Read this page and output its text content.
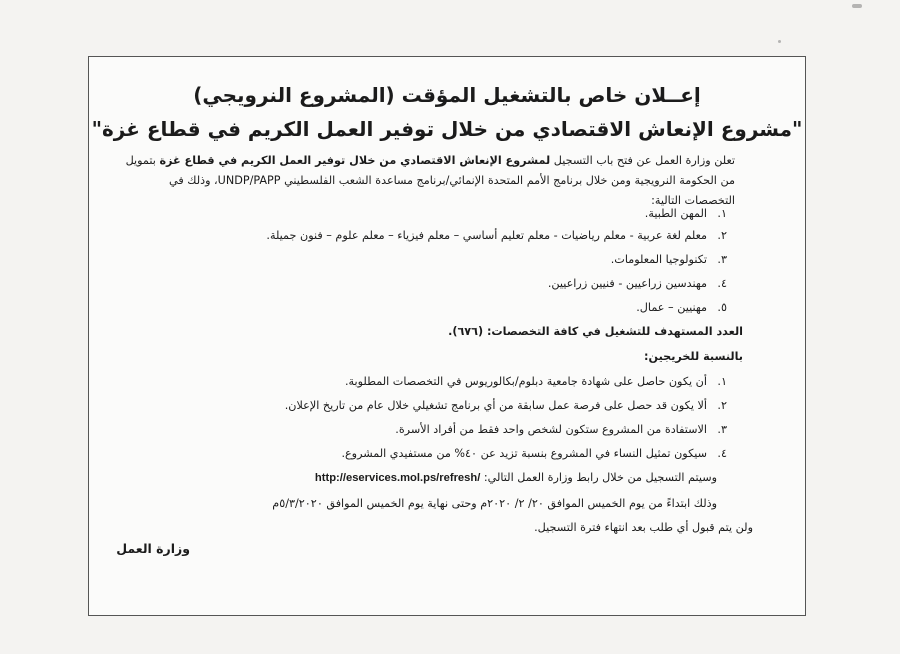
إعــلان خاص بالتشغيل المؤقت (المشروع النرويجي)
"مشروع الإنعاش الاقتصادي من خلال توفير العمل الكريم في قطاع غزة"
تعلن وزارة العمل عن فتح باب التسجيل لمشروع الإنعاش الاقتصادي من خلال توفير العمل الكريم في قطاع غزة بتمويل من الحكومة النرويجية ومن خلال برنامج الأمم المتحدة الإنمائي/برنامج مساعدة الشعب الفلسطيني UNDP/PAPP، وذلك في التخصصات التالية:
١.المهن الطبية.
٢.معلم لغة عربية - معلم رياضيات - معلم تعليم أساسي – معلم فيزياء – معلم علوم – فنون جميلة.
٣.تكنولوجيا المعلومات.
٤.مهندسين زراعيين - فنيين زراعيين.
٥.مهنيين – عمال.
العدد المستهدف للتشغيل في كافة التخصصات: (٦٧٦).
بالنسبة للخريجين:
١.أن يكون حاصل على شهادة جامعية دبلوم/بكالوريوس في التخصصات المطلوبة.
٢.ألا يكون قد حصل على فرصة عمل سابقة من أي برنامج تشغيلي خلال عام من تاريخ الإعلان.
٣.الاستفادة من المشروع ستكون لشخص واحد فقط من أفراد الأسرة.
٤.سيكون تمثيل النساء في المشروع بنسبة تزيد عن ٤٠% من مستفيدي المشروع.
وسيتم التسجيل من خلال رابط وزارة العمل التالي: http://eservices.mol.ps/refresh/
وذلك ابتداءً من يوم الخميس الموافق ٢٠/ ٢/ ٢٠٢٠م وحتى نهاية يوم الخميس الموافق ٥/٣/٢٠٢٠م
ولن يتم قبول أي طلب بعد انتهاء فترة التسجيل.
وزارة العمل
